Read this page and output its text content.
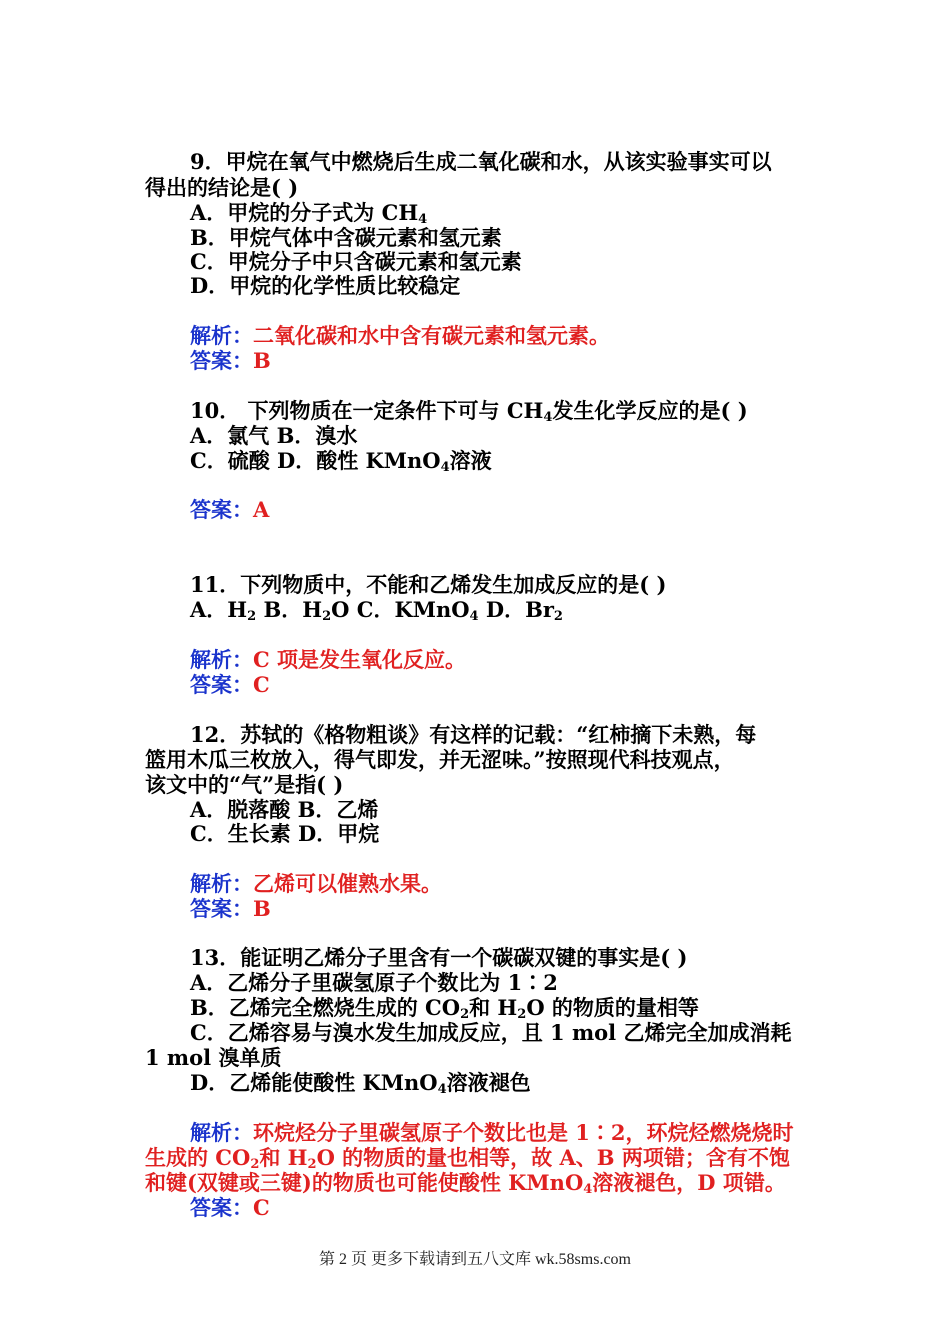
9．甲烷在氧气中燃烧后生成二氧化碳和水，从该实验事实可以
得出的结论是( )
A．甲烷的分子式为 $CH_4$
B．甲烷气体中含碳元素和氢元素
C．甲烷分子中只含碳元素和氢元素
D．甲烷的化学性质比较稳定
解析：二氧化碳和水中含有碳元素和氢元素。
答案：B
10． 下列物质在一定条件下可与 $CH_4$发生化学反应的是( )
A．氯气 B．溴水
C．硫酸 D．酸性 KMnO$_4$溶液
答案：A
11．下列物质中，不能和乙烯发生加成反应的是( )
A．$H_2$ B．$H_2O$ C．KMnO$_4$ D．$Br_2$
解析：C 项是发生氧化反应。
答案：C
12．苏轼的《格物粗谈》有这样的记载：“红柿摘下未熟，每
篮用木瓜三枚放入，得气即发，并无涩味。”按照现代科技观点，
该文中的“气”是指( )
A．脱落酸 B．乙烯
C．生长素 D．甲烷
解析：乙烯可以催熟水果。
答案：B
13．能证明乙烯分子里含有一个碳碳双键的事实是( )
A．乙烯分子里碳氢原子个数比为 1∶2
B．乙烯完全燃烧生成的 $CO_2$和 $H_2O$ 的物质的量相等
C．乙烯容易与溴水发生加成反应，且 1 mol 乙烯完全加成消耗
1 mol 溴单质
D．乙烯能使酸性 KMnO$_4$溶液褪色
解析：环烷烃分子里碳氢原子个数比也是 1∶2，环烷烃燃烧烧时
生成的 $CO_2$和 $H_2O$ 的物质的量也相等，故 A、B 两项错；含有不饱
和键(双键或三键)的物质也可能使酸性 KMnO$_4$溶液褪色，D 项错。
答案：C
第 2 页 更多下载请到五八文库 wk.58sms.com
